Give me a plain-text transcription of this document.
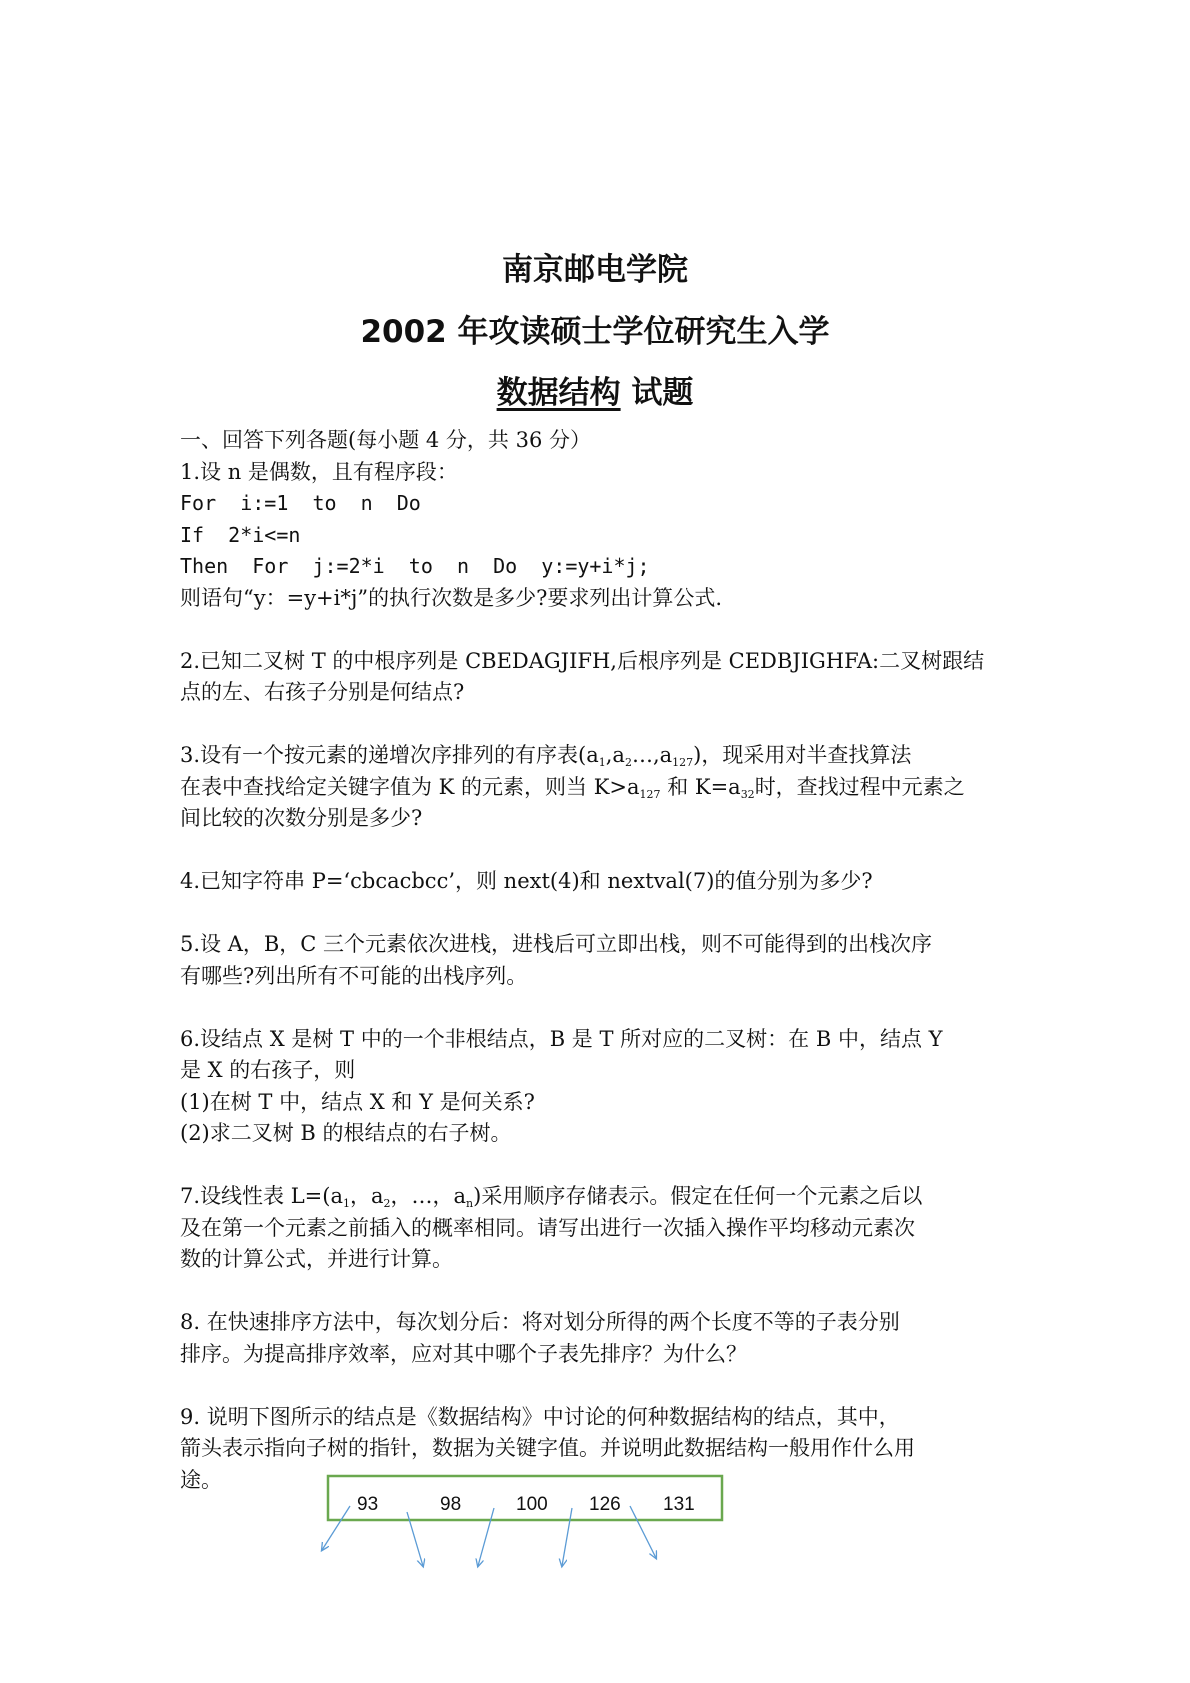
南京邮电学院
2002 年攻读硕士学位研究生入学
数据结构 试题
一、回答下列各题(每小题 4 分，共 36 分）
1.设 n 是偶数，且有程序段：
For  i:=1  to  n  Do
If  2*i<=n
Then  For  j:=2*i  to  n  Do  y:=y+i*j;
则语句“y：=y+i*j”的执行次数是多少?要求列出计算公式.
2.已知二叉树 T 的中根序列是 CBEDAGJIFH,后根序列是 CEDBJIGHFA:二叉树跟结
点的左、右孩子分别是何结点?
3.设有一个按元素的递增次序排列的有序表$(a_1,a_2\dots,a_{127})$，现采用对半查找算法
在表中查找给定关键字值为 K 的元素，则当 $K>a_{127}$ 和 $K=a_{32}$时，查找过程中元素之
间比较的次数分别是多少?
4.已知字符串 P=‘cbcacbcc’，则 next(4)和 nextval(7)的值分别为多少?
5.设 A，B，C 三个元素依次进栈，进栈后可立即出栈，则不可能得到的出栈次序
有哪些?列出所有不可能的出栈序列。
6.设结点 X 是树 T 中的一个非根结点，B 是 T 所对应的二叉树：在 B 中，结点 Y
是 X 的右孩子，则
(1)在树 T 中，结点 X 和 Y 是何关系?
(2)求二叉树 B 的根结点的右子树。
7.设线性表 $L=(a_1$，$a_2$，…，$a_n$)采用顺序存储表示。假定在任何一个元素之后以
及在第一个元素之前插入的概率相同。请写出进行一次插入操作平均移动元素次
数的计算公式，并进行计算。
8. 在快速排序方法中，每次划分后：将对划分所得的两个长度不等的子表分别
排序。为提高排序效率，应对其中哪个子表先排序？为什么？
9. 说明下图所示的结点是《数据结构》中讨论的何种数据结构的结点，其中，
箭头表示指向子树的指针，数据为关键字值。并说明此数据结构一般用作什么用
途。
93	98	100 126 131
